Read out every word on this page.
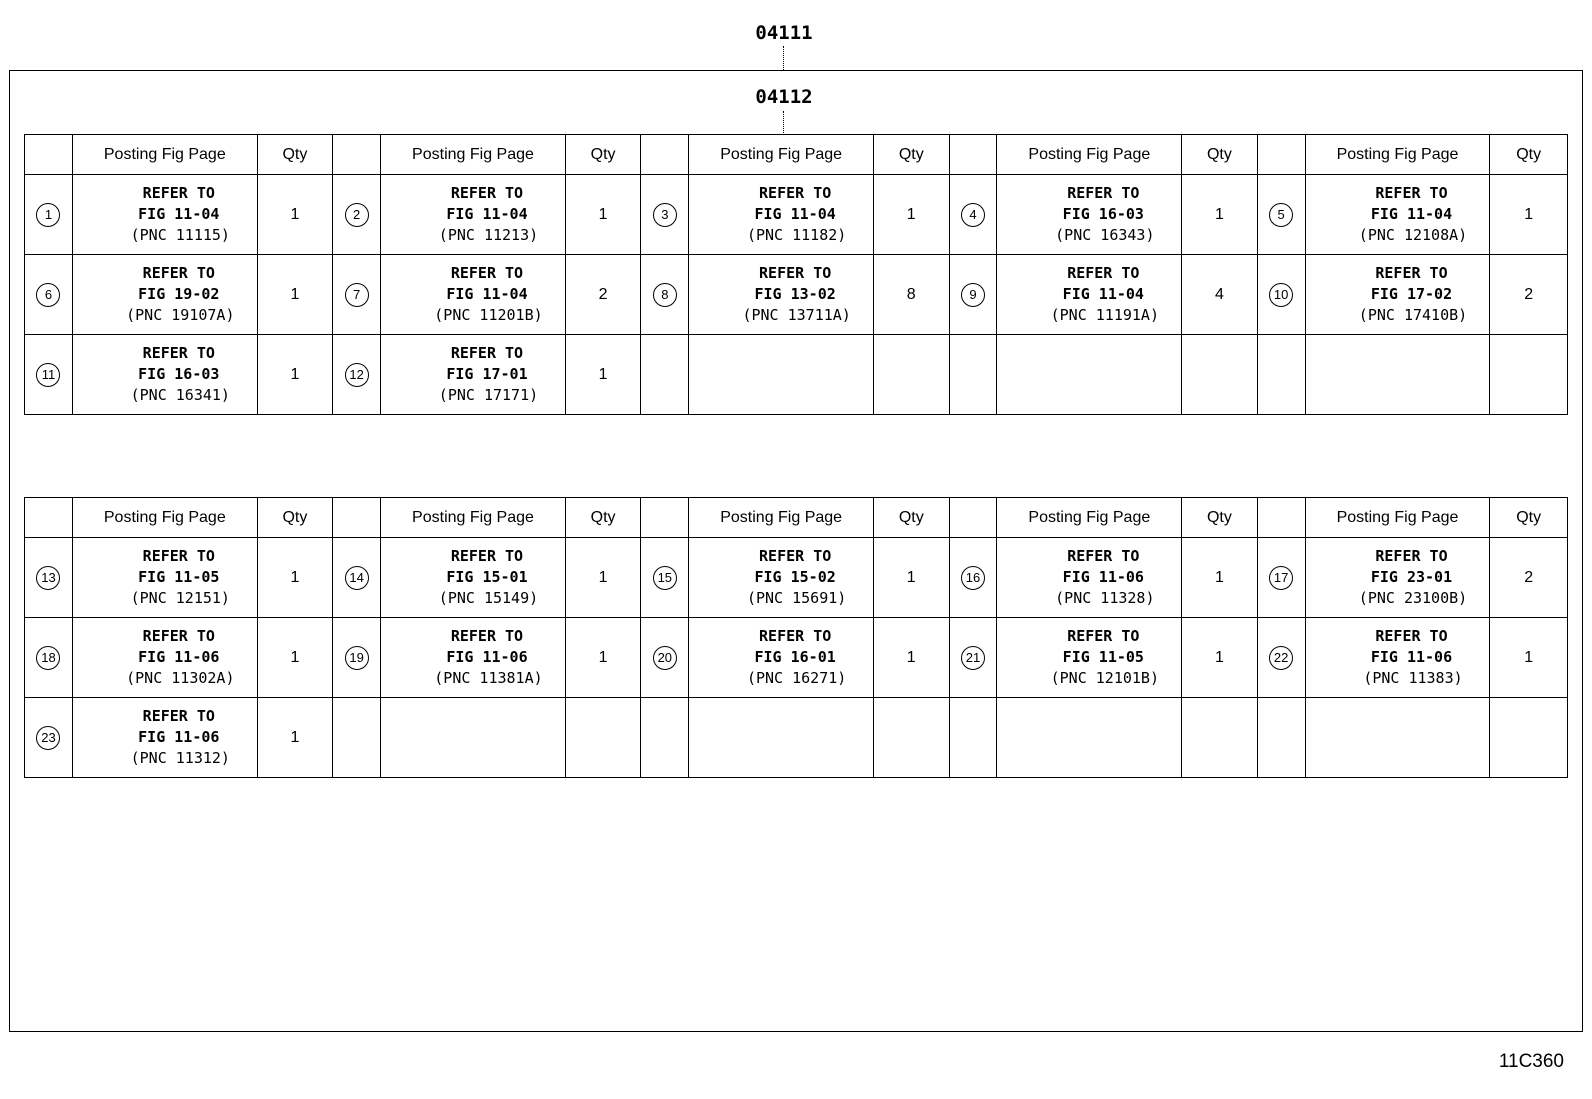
04111
04112
	Posting Fig Page	Qty		Posting Fig Page	Qty		Posting Fig Page	Qty		Posting Fig Page	Qty		Posting Fig Page	Qty
1	REFER TO
FIG 11-04
(PNC 11115)	1	2	REFER TO
FIG 11-04
(PNC 11213)	1	3	REFER TO
FIG 11-04
(PNC 11182)	1	4	REFER TO
FIG 16-03
(PNC 16343)	1	5	REFER TO
FIG 11-04
(PNC 12108A)	1
6	REFER TO
FIG 19-02
(PNC 19107A)	1	7	REFER TO
FIG 11-04
(PNC 11201B)	2	8	REFER TO
FIG 13-02
(PNC 13711A)	8	9	REFER TO
FIG 11-04
(PNC 11191A)	4	10	REFER TO
FIG 17-02
(PNC 17410B)	2
11	REFER TO
FIG 16-03
(PNC 16341)	1	12	REFER TO
FIG 17-01
(PNC 17171)	1									
	Posting Fig Page	Qty		Posting Fig Page	Qty		Posting Fig Page	Qty		Posting Fig Page	Qty		Posting Fig Page	Qty
13	REFER TO
FIG 11-05
(PNC 12151)	1	14	REFER TO
FIG 15-01
(PNC 15149)	1	15	REFER TO
FIG 15-02
(PNC 15691)	1	16	REFER TO
FIG 11-06
(PNC 11328)	1	17	REFER TO
FIG 23-01
(PNC 23100B)	2
18	REFER TO
FIG 11-06
(PNC 11302A)	1	19	REFER TO
FIG 11-06
(PNC 11381A)	1	20	REFER TO
FIG 16-01
(PNC 16271)	1	21	REFER TO
FIG 11-05
(PNC 12101B)	1	22	REFER TO
FIG 11-06
(PNC 11383)	1
23	REFER TO
FIG 11-06
(PNC 11312)	1												
11C360
